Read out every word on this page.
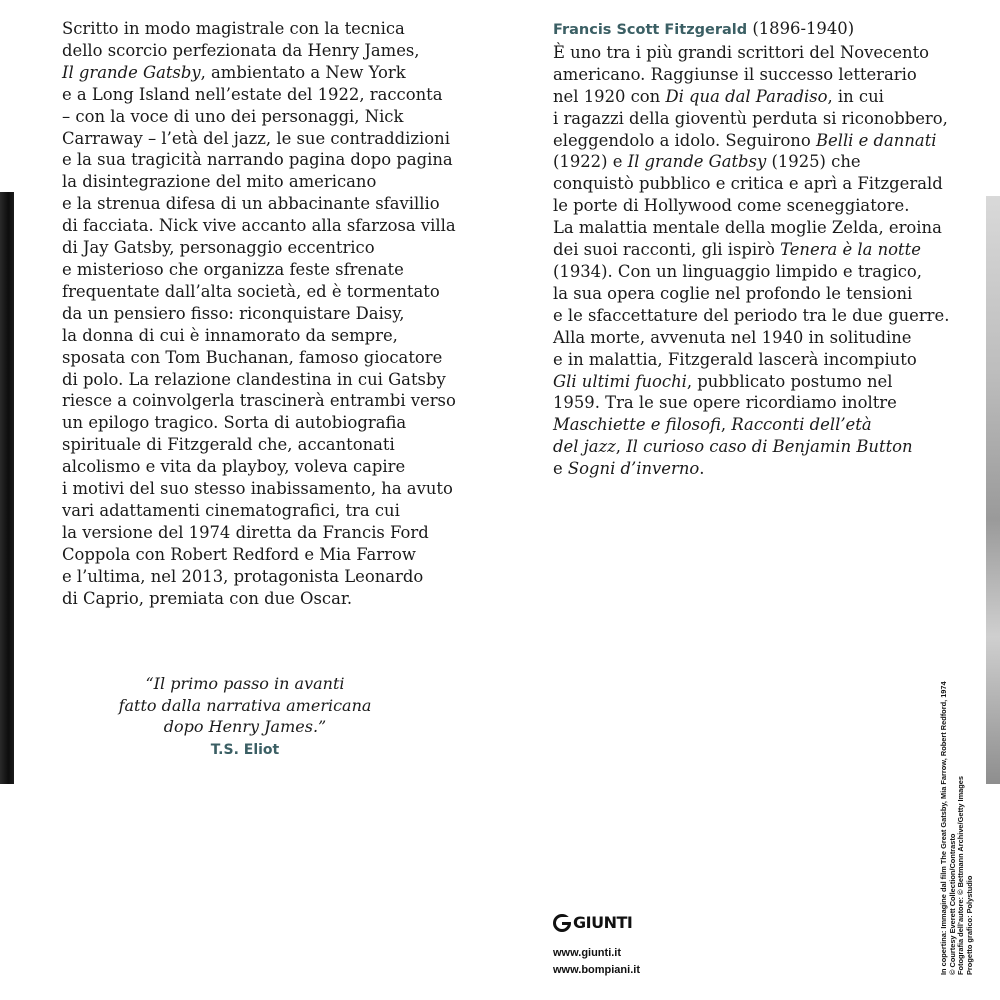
Scritto in modo magistrale con la tecnica
dello scorcio perfezionata da Henry James,
Il grande Gatsby, ambientato a New York
e a Long Island nell’estate del 1922, racconta
– con la voce di uno dei personaggi, Nick
Carraway – l’età del jazz, le sue contraddizioni
e la sua tragicità narrando pagina dopo pagina
la disintegrazione del mito americano
e la strenua difesa di un abbacinante sfavillio
di facciata. Nick vive accanto alla sfarzosa villa
di Jay Gatsby, personaggio eccentrico
e misterioso che organizza feste sfrenate
frequentate dall’alta società, ed è tormentato
da un pensiero fisso: riconquistare Daisy,
la donna di cui è innamorato da sempre,
sposata con Tom Buchanan, famoso giocatore
di polo. La relazione clandestina in cui Gatsby
riesce a coinvolgerla trascinerà entrambi verso
un epilogo tragico. Sorta di autobiografia
spirituale di Fitzgerald che, accantonati
alcolismo e vita da playboy, voleva capire
i motivi del suo stesso inabissamento, ha avuto
vari adattamenti cinematografici, tra cui
la versione del 1974 diretta da Francis Ford
Coppola con Robert Redford e Mia Farrow
e l’ultima, nel 2013, protagonista Leonardo
di Caprio, premiata con due Oscar.
“Il primo passo in avanti
fatto dalla narrativa americana
dopo Henry James.”
T.S. Eliot
Francis Scott Fitzgerald (1896-1940)
È uno tra i più grandi scrittori del Novecento
americano. Raggiunse il successo letterario
nel 1920 con Di qua dal Paradiso, in cui
i ragazzi della gioventù perduta si riconobbero,
eleggendolo a idolo. Seguirono Belli e dannati
(1922) e Il grande Gatbsy (1925) che
conquistò pubblico e critica e aprì a Fitzgerald
le porte di Hollywood come sceneggiatore.
La malattia mentale della moglie Zelda, eroina
dei suoi racconti, gli ispirò Tenera è la notte
(1934). Con un linguaggio limpido e tragico,
la sua opera coglie nel profondo le tensioni
e le sfaccettature del periodo tra le due guerre.
Alla morte, avvenuta nel 1940 in solitudine
e in malattia, Fitzgerald lascerà incompiuto
Gli ultimi fuochi, pubblicato postumo nel
1959. Tra le sue opere ricordiamo inoltre
Maschiette e filosofi, Racconti dell’età
del jazz, Il curioso caso di Benjamin Button
e Sogni d’inverno.
GIUNTI
www.giunti.it
www.bompiani.it	In copertina: Immagine dal film The Great Gatsby, Mia Farrow, Robert Redford, 1974 © Courtesy Everett Collection/Contrasto Fotografia dell’autore: © Bettmann Archive/Getty Images Progetto grafico: Polystudio
